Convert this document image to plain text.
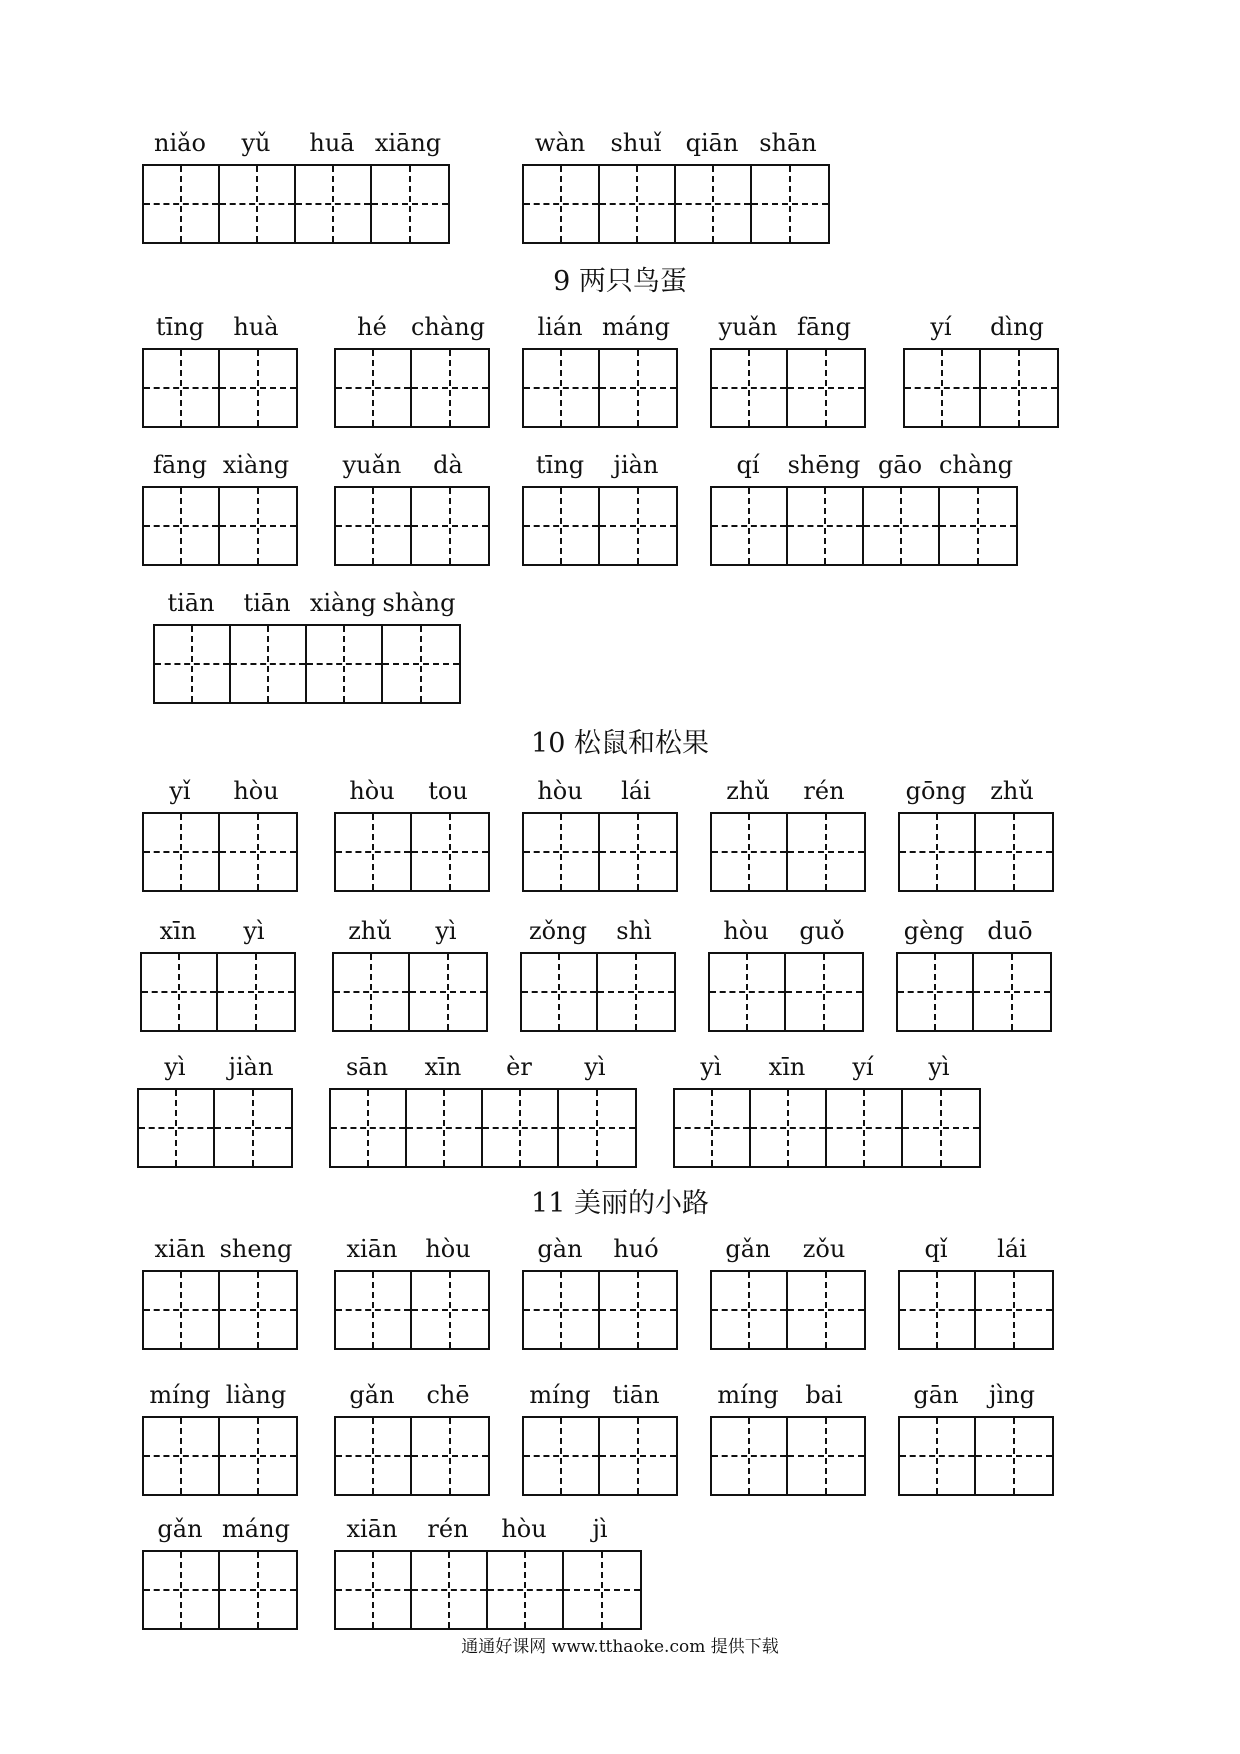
niǎo	yǔ	huā xiāng	wàn	shuǐ	qiān shān
9 两只鸟蛋
tīng	huà	hé	chàng	lián máng	yuǎn fāng	yí	dìng
fāng xiàng	yuǎn	dà	tīng	jiàn	qí	shēng gāo chàng
tiān	tiān xiàng shàng
10 松鼠和松果
yǐ	hòu	hòu	tou	hòu	lái	zhǔ	rén	gōng zhǔ
xīn	yì	zhǔ	yì	zǒng	shì	hòu	guǒ	gèng duō
yì	jiàn	sān	xīn	èr	yì	yì	xīn	yí	yì
11 美丽的小路
xiān sheng	xiān	hòu	gàn	huó	gǎn	zǒu	qǐ	lái
míng liàng	gǎn	chē	míng tiān	míng	bai	gān	jìng
gǎn máng	xiān	rén	hòu	jì
通通好课网 www.tthaoke.com 提供下载
